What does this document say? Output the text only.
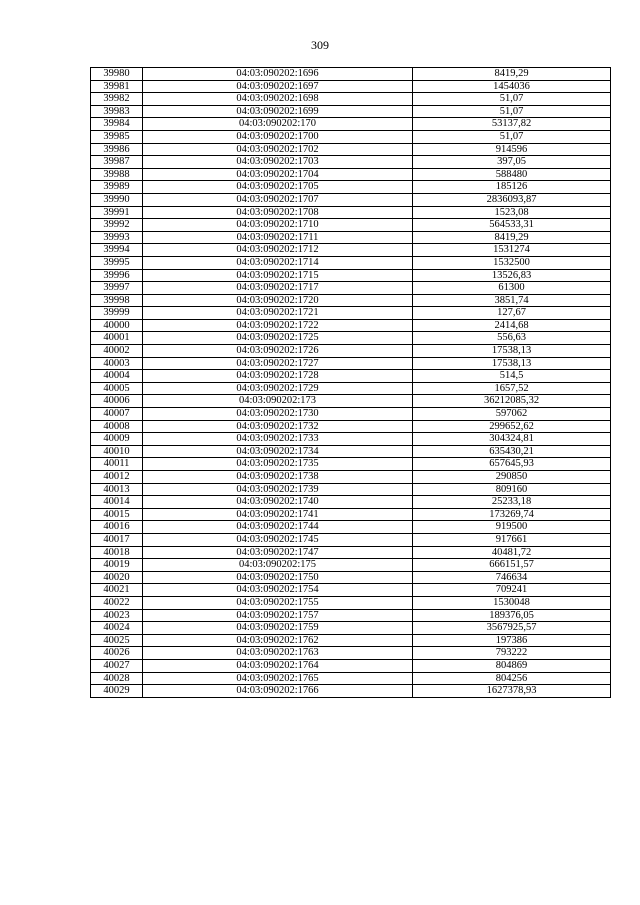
309
39980	04:03:090202:1696	8419,29
39981	04:03:090202:1697	1454036
39982	04:03:090202:1698	51,07
39983	04:03:090202:1699	51,07
39984	04:03:090202:170	53137,82
39985	04:03:090202:1700	51,07
39986	04:03:090202:1702	914596
39987	04:03:090202:1703	397,05
39988	04:03:090202:1704	588480
39989	04:03:090202:1705	185126
39990	04:03:090202:1707	2836093,87
39991	04:03:090202:1708	1523,08
39992	04:03:090202:1710	564533,31
39993	04:03:090202:1711	8419,29
39994	04:03:090202:1712	1531274
39995	04:03:090202:1714	1532500
39996	04:03:090202:1715	13526,83
39997	04:03:090202:1717	61300
39998	04:03:090202:1720	3851,74
39999	04:03:090202:1721	127,67
40000	04:03:090202:1722	2414,68
40001	04:03:090202:1725	556,63
40002	04:03:090202:1726	17538,13
40003	04:03:090202:1727	17538,13
40004	04:03:090202:1728	514,5
40005	04:03:090202:1729	1657,52
40006	04:03:090202:173	36212085,32
40007	04:03:090202:1730	597062
40008	04:03:090202:1732	299652,62
40009	04:03:090202:1733	304324,81
40010	04:03:090202:1734	635430,21
40011	04:03:090202:1735	657645,93
40012	04:03:090202:1738	290850
40013	04:03:090202:1739	809160
40014	04:03:090202:1740	25233,18
40015	04:03:090202:1741	173269,74
40016	04:03:090202:1744	919500
40017	04:03:090202:1745	917661
40018	04:03:090202:1747	40481,72
40019	04:03:090202:175	666151,57
40020	04:03:090202:1750	746634
40021	04:03:090202:1754	709241
40022	04:03:090202:1755	1530048
40023	04:03:090202:1757	189376,05
40024	04:03:090202:1759	3567925,57
40025	04:03:090202:1762	197386
40026	04:03:090202:1763	793222
40027	04:03:090202:1764	804869
40028	04:03:090202:1765	804256
40029	04:03:090202:1766	1627378,93
